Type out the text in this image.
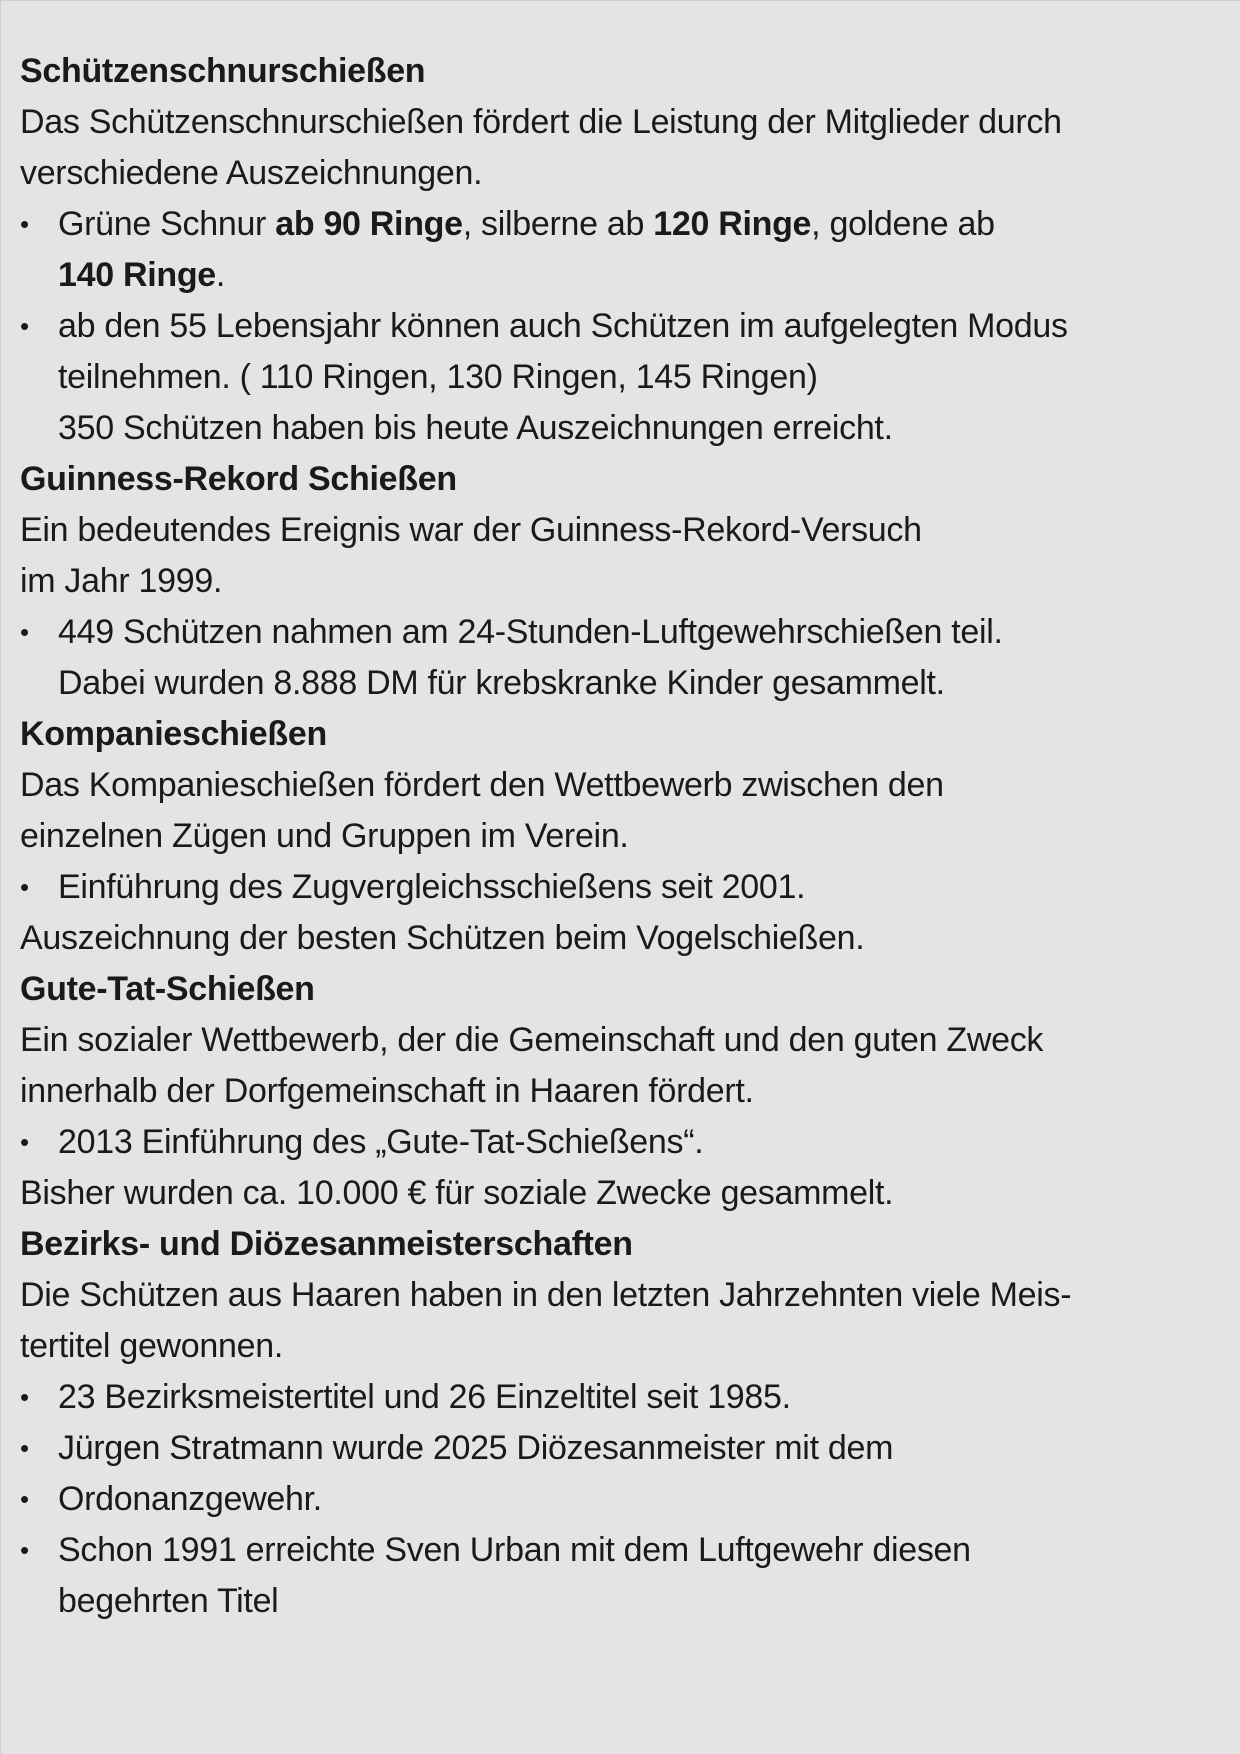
Schützenschnurschießen
Das Schützenschnurschießen fördert die Leistung der Mitglieder durch
verschiedene Auszeichnungen.
• Grüne Schnur ab 90 Ringe, silberne ab 120 Ringe, goldene ab
140 Ringe.
• ab den 55 Lebensjahr können auch Schützen im aufgelegten Modus
teilnehmen. ( 110 Ringen, 130 Ringen, 145 Ringen)
350 Schützen haben bis heute Auszeichnungen erreicht.
Guinness-Rekord Schießen
Ein bedeutendes Ereignis war der Guinness-Rekord-Versuch
im Jahr 1999.
• 449 Schützen nahmen am 24-Stunden-Luftgewehrschießen teil.
Dabei wurden 8.888 DM für krebskranke Kinder gesammelt.
Kompanieschießen
Das Kompanieschießen fördert den Wettbewerb zwischen den
einzelnen Zügen und Gruppen im Verein.
• Einführung des Zugvergleichsschießens seit 2001.
Auszeichnung der besten Schützen beim Vogelschießen.
Gute-Tat-Schießen
Ein sozialer Wettbewerb, der die Gemeinschaft und den guten Zweck
innerhalb der Dorfgemeinschaft in Haaren fördert.
• 2013 Einführung des „Gute-Tat-Schießens“.
Bisher wurden ca. 10.000 € für soziale Zwecke gesammelt.
Bezirks- und Diözesanmeisterschaften
Die Schützen aus Haaren haben in den letzten Jahrzehnten viele Meis-
tertitel gewonnen.
• 23 Bezirksmeistertitel und 26 Einzeltitel seit 1985.
• Jürgen Stratmann wurde 2025 Diözesanmeister mit dem
• Ordonanzgewehr.
• Schon 1991 erreichte Sven Urban mit dem Luftgewehr diesen
begehrten Titel
